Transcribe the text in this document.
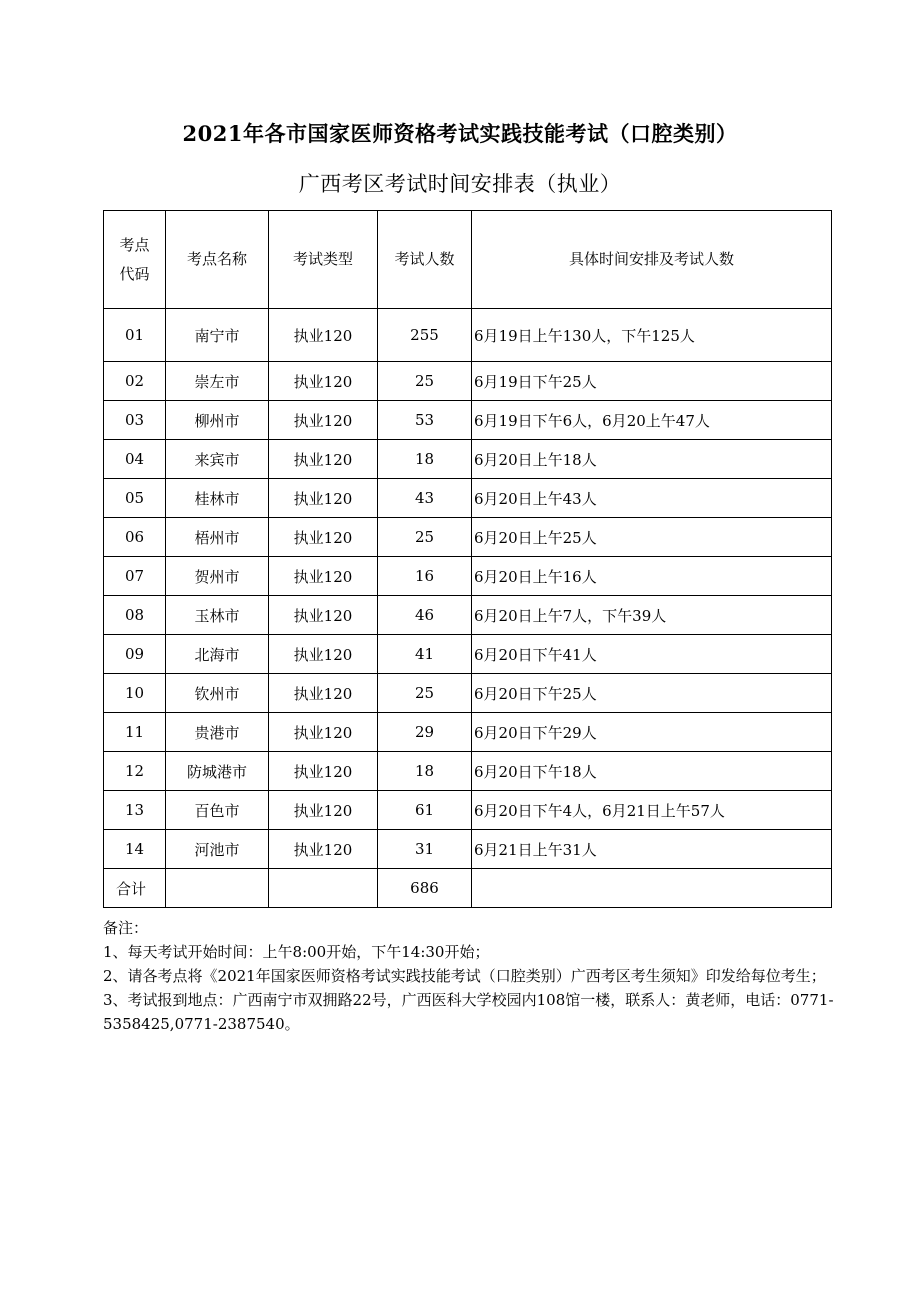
2021年各市国家医师资格考试实践技能考试（口腔类别）
广西考区考试时间安排表（执业）
考点代码	考点名称	考试类型	考试人数	具体时间安排及考试人数
01	南宁市	执业120	255	6月19日上午130人，下午125人
02	崇左市	执业120	25	6月19日下午25人
03	柳州市	执业120	53	6月19日下午6人，6月20上午47人
04	来宾市	执业120	18	6月20日上午18人
05	桂林市	执业120	43	6月20日上午43人
06	梧州市	执业120	25	6月20日上午25人
07	贺州市	执业120	16	6月20日上午16人
08	玉林市	执业120	46	6月20日上午7人，下午39人
09	北海市	执业120	41	6月20日下午41人
10	钦州市	执业120	25	6月20日下午25人
11	贵港市	执业120	29	6月20日下午29人
12	防城港市	执业120	18	6月20日下午18人
13	百色市	执业120	61	6月20日下午4人，6月21日上午57人
14	河池市	执业120	31	6月21日上午31人
合计			686	

备注：

1、每天考试开始时间：上午8:00开始，下午14:30开始；

2、请各考点将《2021年国家医师资格考试实践技能考试（口腔类别）广西考区考生须知》印发给每位考生；

3、考试报到地点：广西南宁市双拥路22号，广西医科大学校园内108馆一楼，联系人：黄老师，电话：0771-5358425,0771-2387540。
